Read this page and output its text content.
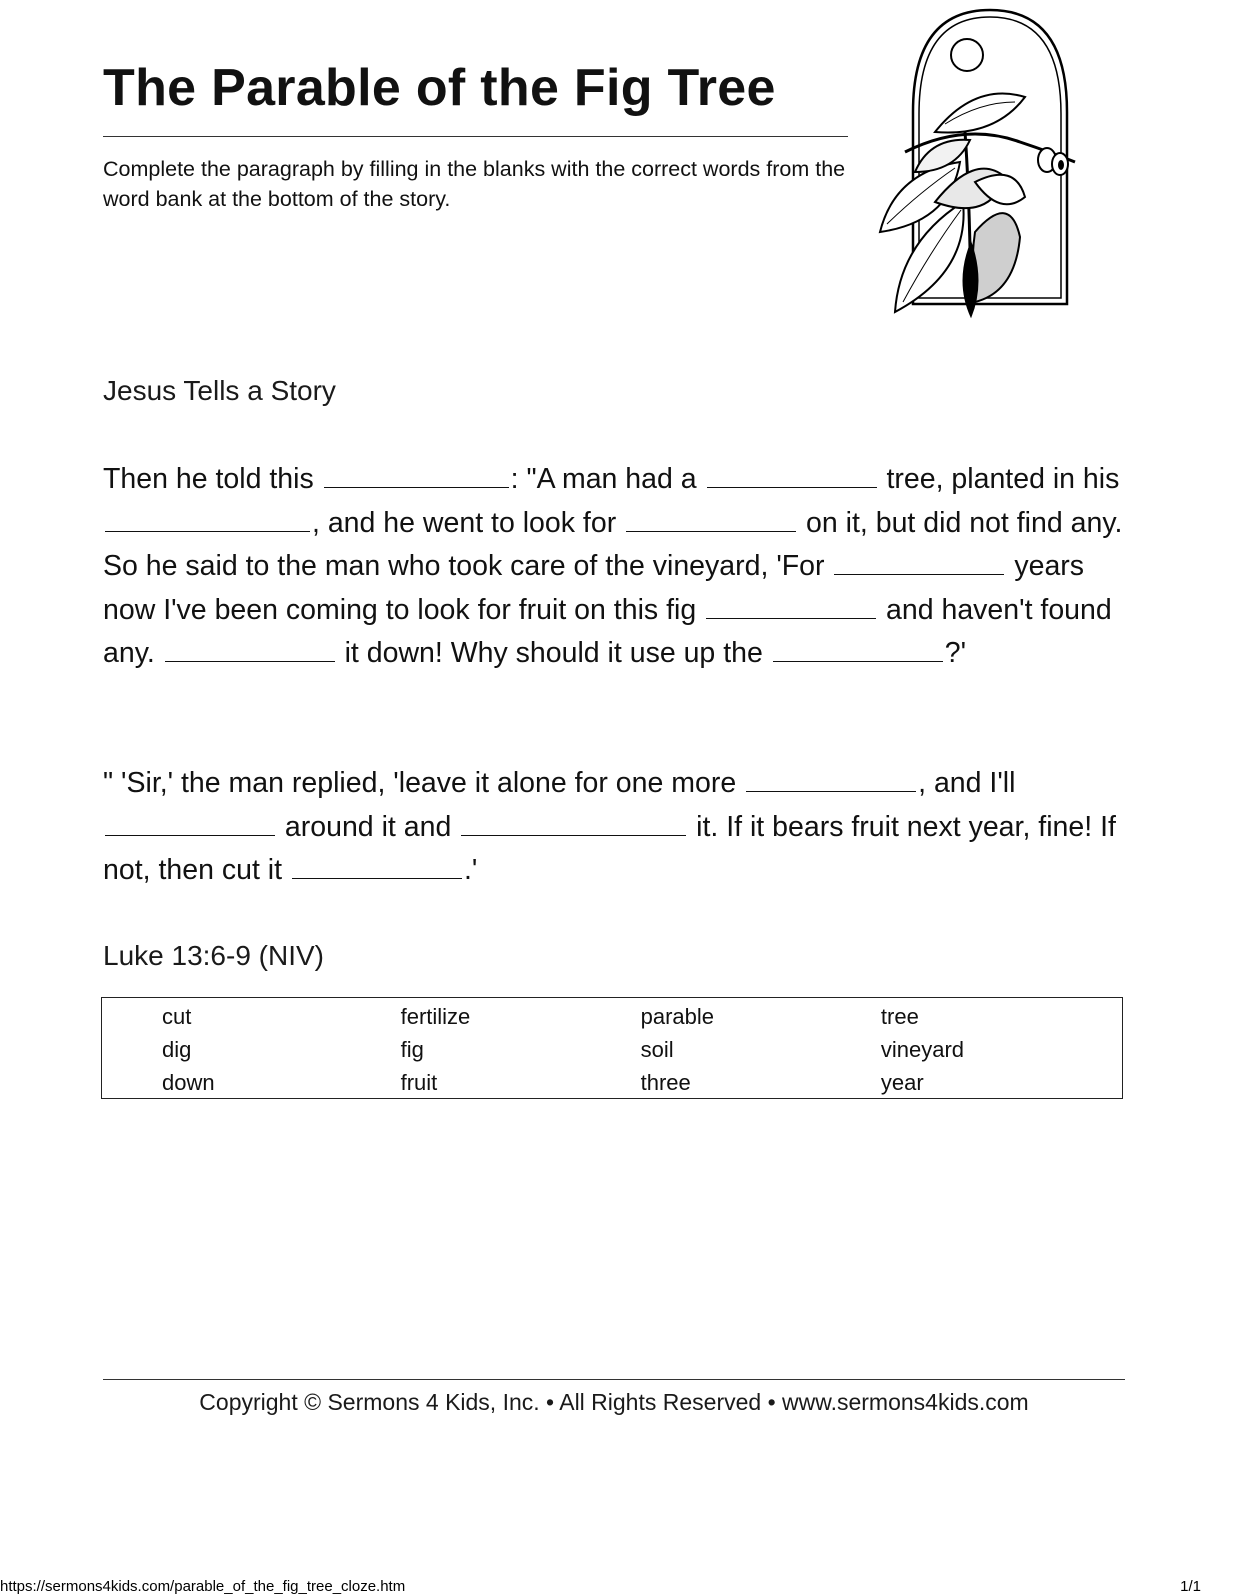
The Parable of the Fig Tree
Complete the paragraph by filling in the blanks with the correct words from the word bank at the bottom of the story.
Jesus Tells a Story
Then he told this	: "A man had a	tree, planted in his , and he went to look for	on it, but did not find any. So he said to the man who took care of the vineyard, 'For	years now I've been coming to look for fruit on this fig	and haven't found any.	it down! Why should it use up the	?'
" 'Sir,' the man replied, 'leave it alone for one more	, and I'll  around it and	it. If it bears fruit next year, fine! If not, then cut it	.'
Luke 13:6-9 (NIV)
cut	fertilize	parable	tree
dig	fig	soil	vineyard
down	fruit	three	year
Copyright © Sermons 4 Kids, Inc. • All Rights Reserved • www.sermons4kids.com
https://sermons4kids.com/parable_of_the_fig_tree_cloze.htm	1/1
